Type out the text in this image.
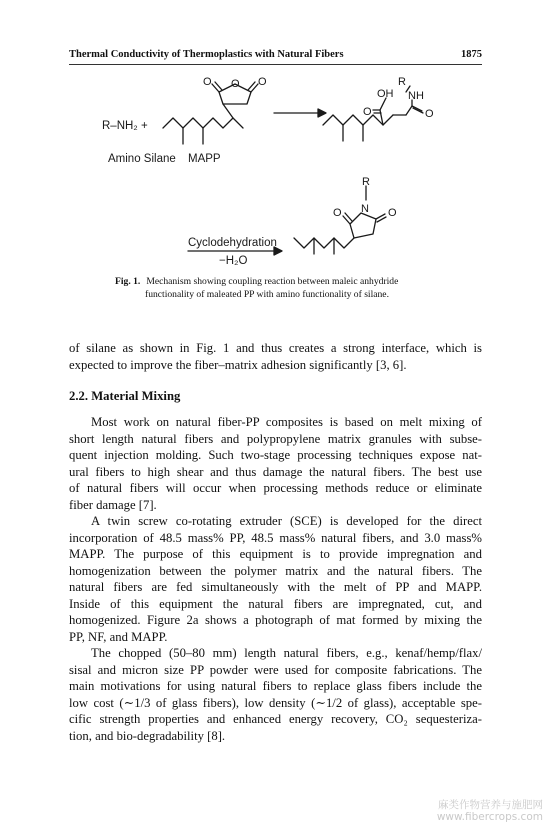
Thermal Conductivity of Thermoplastics with Natural Fibers	1875
R–NH₂ +
Amino Silane MAPP
O O O
OH
O
R
NH
O
R
N
O	O
Cyclodehydration
−H₂O
Fig. 1. Mechanism showing coupling reaction between maleic anhydride
functionality of maleated PP with amino functionality of silane.
of silane as shown in Fig. 1 and thus creates a strong interface, which is
expected to improve the fiber–matrix adhesion significantly [3, 6].
2.2. Material Mixing
Most work on natural fiber-PP composites is based on melt mixing of
short length natural fibers and polypropylene matrix granules with subse-
quent injection molding. Such two-stage processing techniques expose nat-
ural fibers to high shear and thus damage the natural fibers. The best use
of natural fibers will occur when processing methods reduce or eliminate
fiber damage [7].
A twin screw co-rotating extruder (SCE) is developed for the direct
incorporation of 48.5 mass% PP, 48.5 mass% natural fibers, and 3.0 mass%
MAPP. The purpose of this equipment is to provide impregnation and
homogenization between the polymer matrix and the natural fibers. The
natural fibers are fed simultaneously with the melt of PP and MAPP.
Inside of this equipment the natural fibers are impregnated, cut, and
homogenized. Figure 2a shows a photograph of mat formed by mixing the
PP, NF, and MAPP.
The chopped (50–80 mm) length natural fibers, e.g., kenaf/hemp/flax/
sisal and micron size PP powder were used for composite fabrications. The
main motivations for using natural fibers to replace glass fibers include the
low cost (∼1/3 of glass fibers), low density (∼1/2 of glass), acceptable spe-
cific strength properties and enhanced energy recovery, CO₂ sequesteriza-
tion, and bio-degradability [8].
麻类作物营养与施肥网
www.fibercrops.com
